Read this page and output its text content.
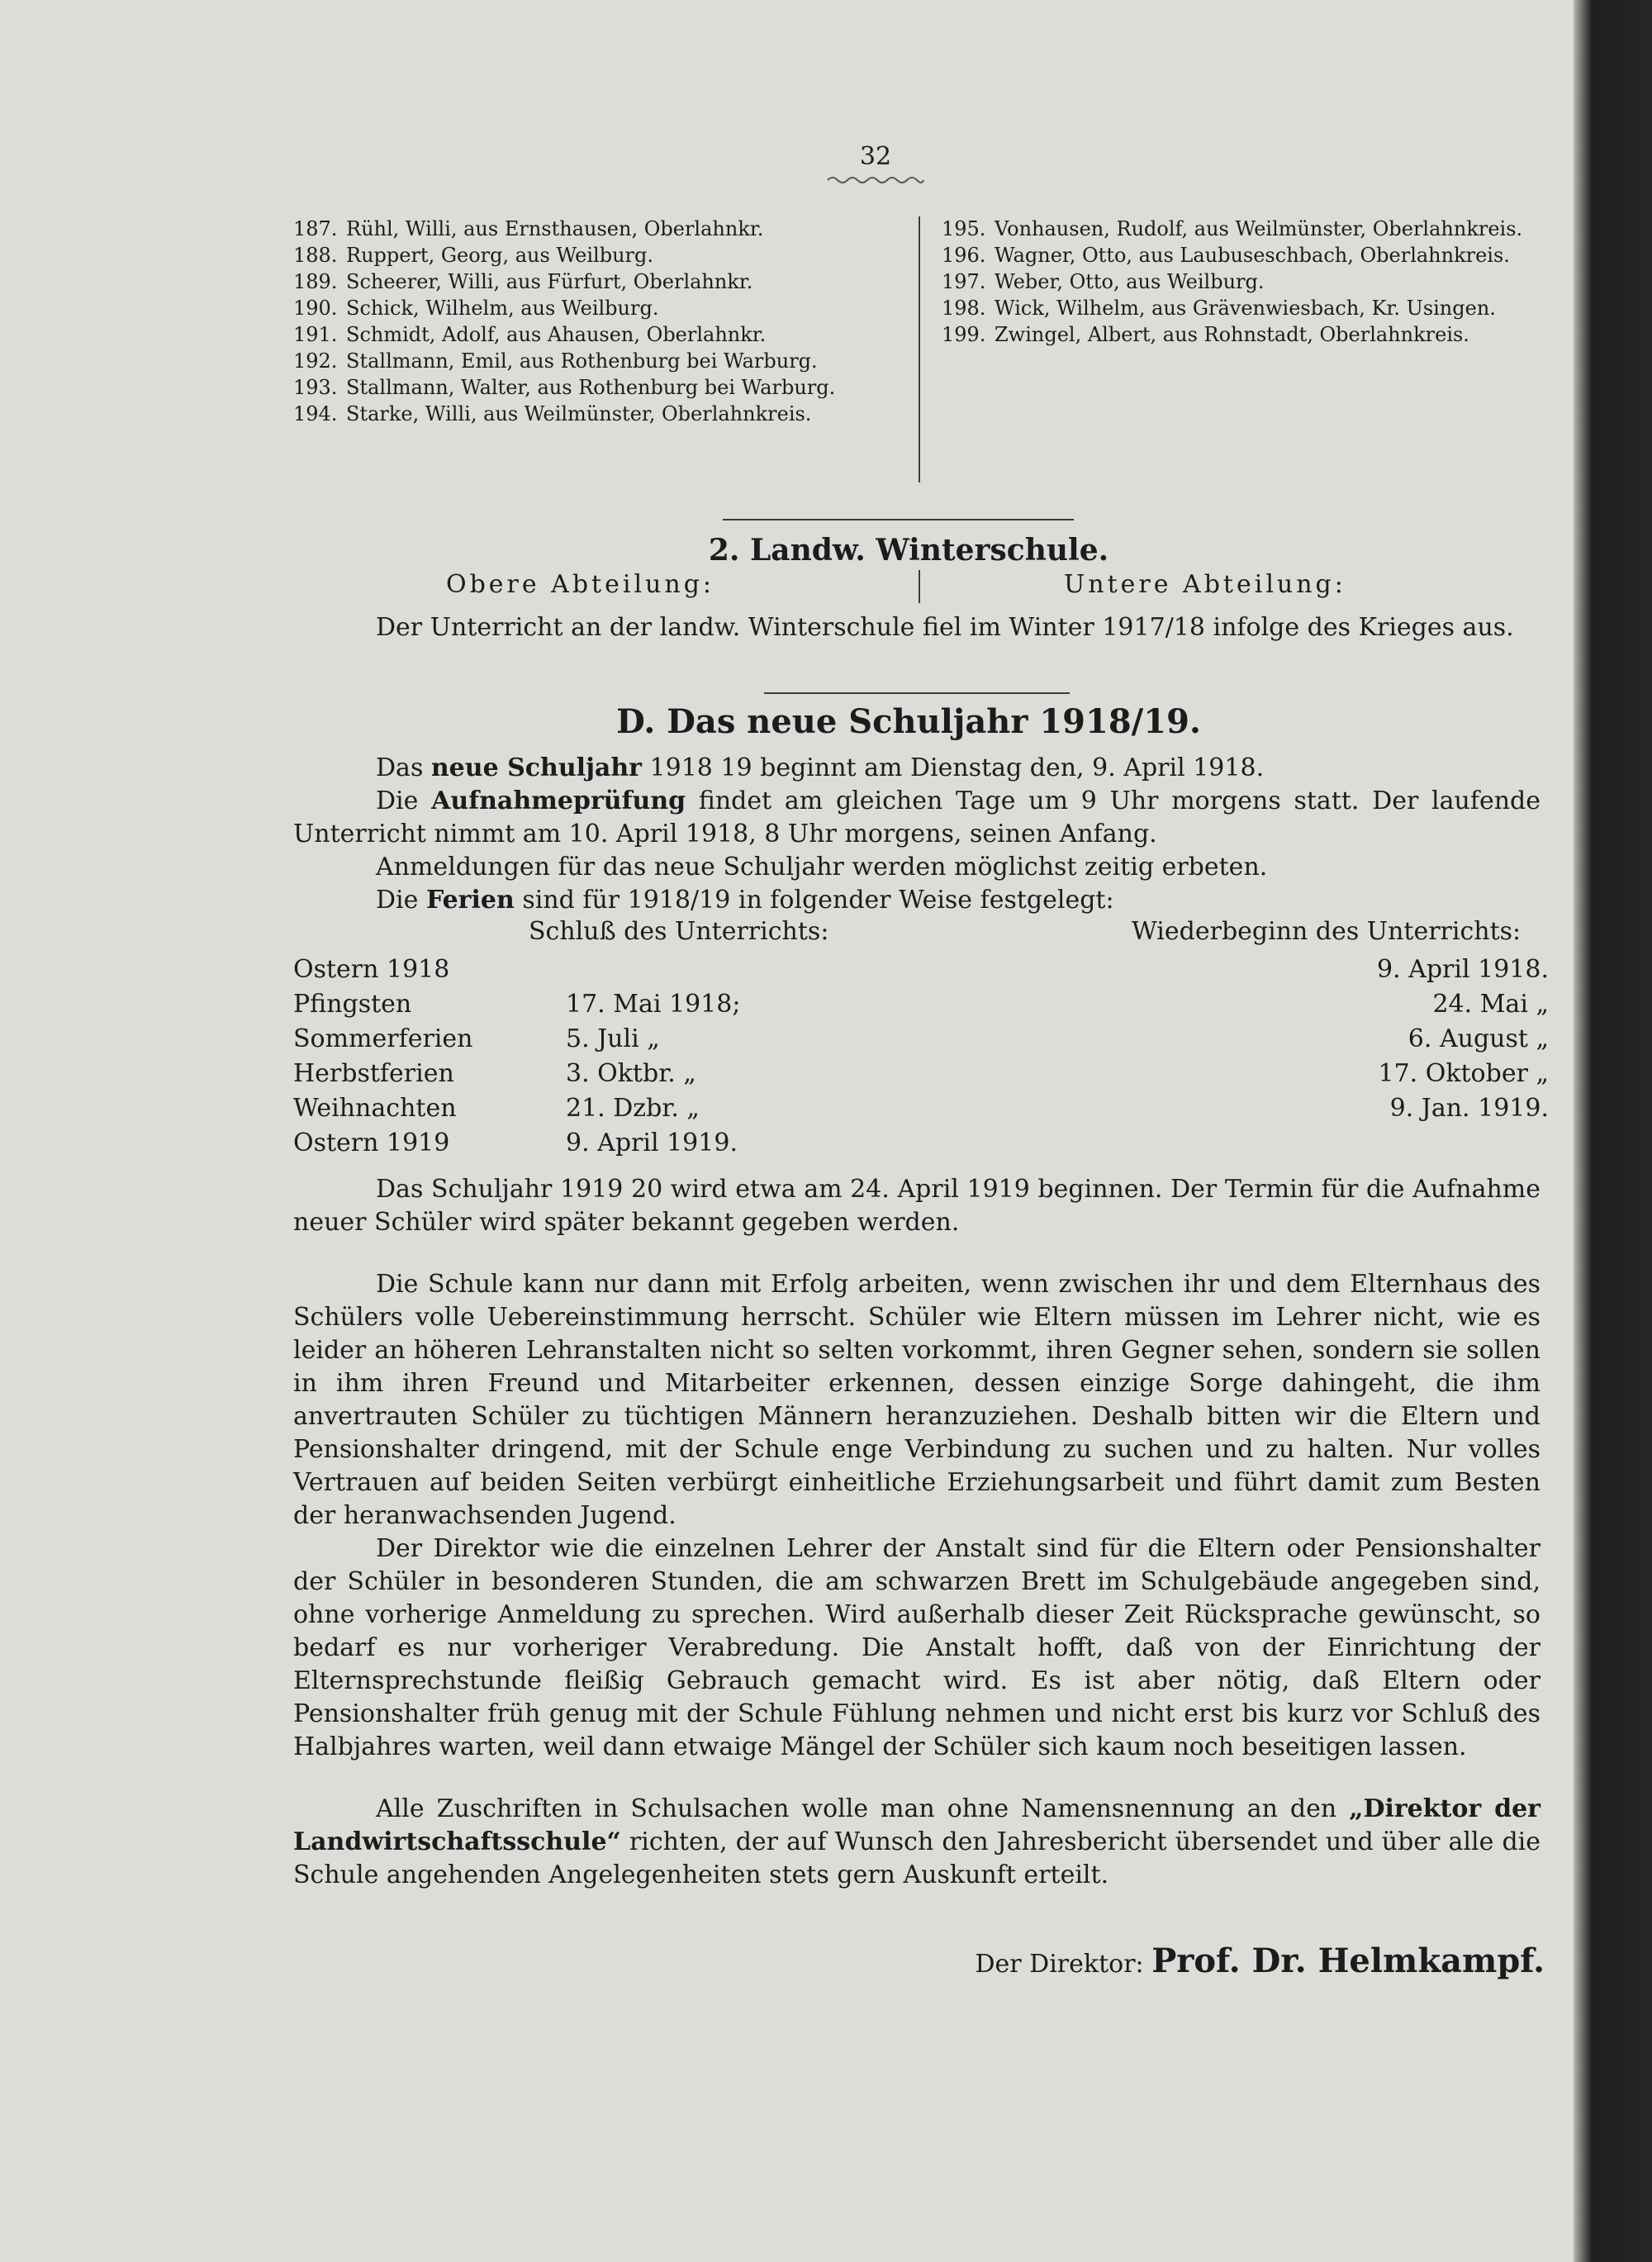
32
187. Rühl, Willi, aus Ernsthausen, Oberlahnkr.
188. Ruppert, Georg, aus Weilburg.
189. Scheerer, Willi, aus Fürfurt, Oberlahnkr.
190. Schick, Wilhelm, aus Weilburg.
191. Schmidt, Adolf, aus Ahausen, Oberlahnkr.
192. Stallmann, Emil, aus Rothenburg bei Warburg.
193. Stallmann, Walter, aus Rothenburg bei Warburg.
194. Starke, Willi, aus Weilmünster, Oberlahnkreis.
195. Vonhausen, Rudolf, aus Weilmünster, Oberlahnkreis.
196. Wagner, Otto, aus Laubuseschbach, Oberlahnkreis.
197. Weber, Otto, aus Weilburg.
198. Wick, Wilhelm, aus Grävenwiesbach, Kr. Usingen.
199. Zwingel, Albert, aus Rohnstadt, Oberlahnkreis.
2. Landw. Winterschule.
Obere Abteilung:	Untere Abteilung:
Der Unterricht an der landw. Winterschule fiel im Winter 1917/18 infolge des Krieges aus.
D. Das neue Schuljahr 1918/19.
Das neue Schuljahr 1918 19 beginnt am Dienstag den, 9. April 1918.
Die Aufnahmeprüfung findet am gleichen Tage um 9 Uhr morgens statt. Der laufende Unterricht nimmt am 10. April 1918, 8 Uhr morgens, seinen Anfang.
Anmeldungen für das neue Schuljahr werden möglichst zeitig erbeten.
Die Ferien sind für 1918/19 in folgender Weise festgelegt:
Schluß des Unterrichts:	Wiederbeginn des Unterrichts:
Ostern 1918		9. April 1918.
Pfingsten	17. Mai 1918;	24. Mai „
Sommerferien	5. Juli „	6. August „
Herbstferien	3. Oktbr. „	17. Oktober „
Weihnachten	21. Dzbr. „	9. Jan. 1919.
Ostern 1919	9. April 1919.	
Das Schuljahr 1919 20 wird etwa am 24. April 1919 beginnen. Der Termin für die Aufnahme neuer Schüler wird später bekannt gegeben werden.
Die Schule kann nur dann mit Erfolg arbeiten, wenn zwischen ihr und dem Elternhaus des Schülers volle Uebereinstimmung herrscht. Schüler wie Eltern müssen im Lehrer nicht, wie es leider an höheren Lehranstalten nicht so selten vorkommt, ihren Gegner sehen, sondern sie sollen in ihm ihren Freund und Mitarbeiter erkennen, dessen einzige Sorge dahingeht, die ihm anvertrauten Schüler zu tüchtigen Männern heranzuziehen. Deshalb bitten wir die Eltern und Pensionshalter dringend, mit der Schule enge Verbindung zu suchen und zu halten. Nur volles Vertrauen auf beiden Seiten verbürgt einheitliche Erziehungsarbeit und führt damit zum Besten der heranwachsenden Jugend.
Der Direktor wie die einzelnen Lehrer der Anstalt sind für die Eltern oder Pensionshalter der Schüler in besonderen Stunden, die am schwarzen Brett im Schulgebäude angegeben sind, ohne vorherige Anmeldung zu sprechen. Wird außerhalb dieser Zeit Rücksprache gewünscht, so bedarf es nur vorheriger Verabredung. Die Anstalt hofft, daß von der Einrichtung der Elternsprechstunde fleißig Gebrauch gemacht wird. Es ist aber nötig, daß Eltern oder Pensionshalter früh genug mit der Schule Fühlung nehmen und nicht erst bis kurz vor Schluß des Halbjahres warten, weil dann etwaige Mängel der Schüler sich kaum noch beseitigen lassen.
Alle Zuschriften in Schulsachen wolle man ohne Namensnennung an den „Direktor der Landwirtschaftsschule“ richten, der auf Wunsch den Jahresbericht übersendet und über alle die Schule angehenden Angelegenheiten stets gern Auskunft erteilt.
Der Direktor: Prof. Dr. Helmkampf.
